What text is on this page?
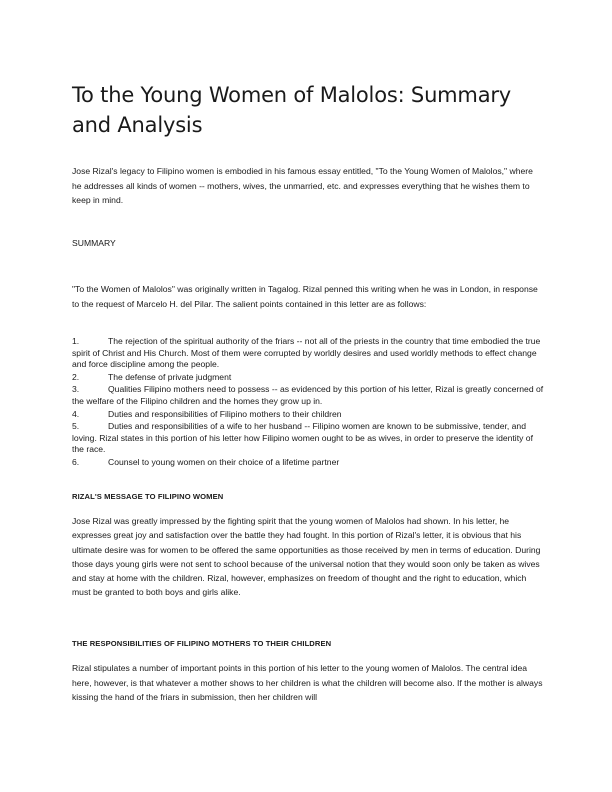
To the Young Women of Malolos: Summary and Analysis

Jose Rizal's legacy to Filipino women is embodied in his famous essay entitled, "To the Young Women of Malolos," where he addresses all kinds of women -- mothers, wives, the unmarried, etc. and expresses everything that he wishes them to keep in mind.

SUMMARY

"To the Women of Malolos" was originally written in Tagalog. Rizal penned this writing when he was in London, in response to the request of Marcelo H. del Pilar. The salient points contained in this letter are as follows:

1.	The rejection of the spiritual authority of the friars -- not all of the priests in the country that time embodied the true spirit of Christ and His Church. Most of them were corrupted by worldly desires and used worldly methods to effect change and force discipline among the people.
2.	The defense of private judgment
3.	Qualities Filipino mothers need to possess -- as evidenced by this portion of his letter, Rizal is greatly concerned of the welfare of the Filipino children and the homes they grow up in.
4.	Duties and responsibilities of Filipino mothers to their children
5.	Duties and responsibilities of a wife to her husband -- Filipino women are known to be submissive, tender, and loving. Rizal states in this portion of his letter how Filipino women ought to be as wives, in order to preserve the identity of the race.
6.	Counsel to young women on their choice of a lifetime partner

RIZAL'S MESSAGE TO FILIPINO WOMEN

Jose Rizal was greatly impressed by the fighting spirit that the young women of Malolos had shown. In his letter, he expresses great joy and satisfaction over the battle they had fought. In this portion of Rizal's letter, it is obvious that his ultimate desire was for women to be offered the same opportunities as those received by men in terms of education. During those days young girls were not sent to school because of the universal notion that they would soon only be taken as wives and stay at home with the children. Rizal, however, emphasizes on freedom of thought and the right to education, which must be granted to both boys and girls alike.

THE RESPONSIBILITIES OF FILIPINO MOTHERS TO THEIR CHILDREN

Rizal stipulates a number of important points in this portion of his letter to the young women of Malolos. The central idea here, however, is that whatever a mother shows to her children is what the children will become also. If the mother is always kissing the hand of the friars in submission, then her children will
